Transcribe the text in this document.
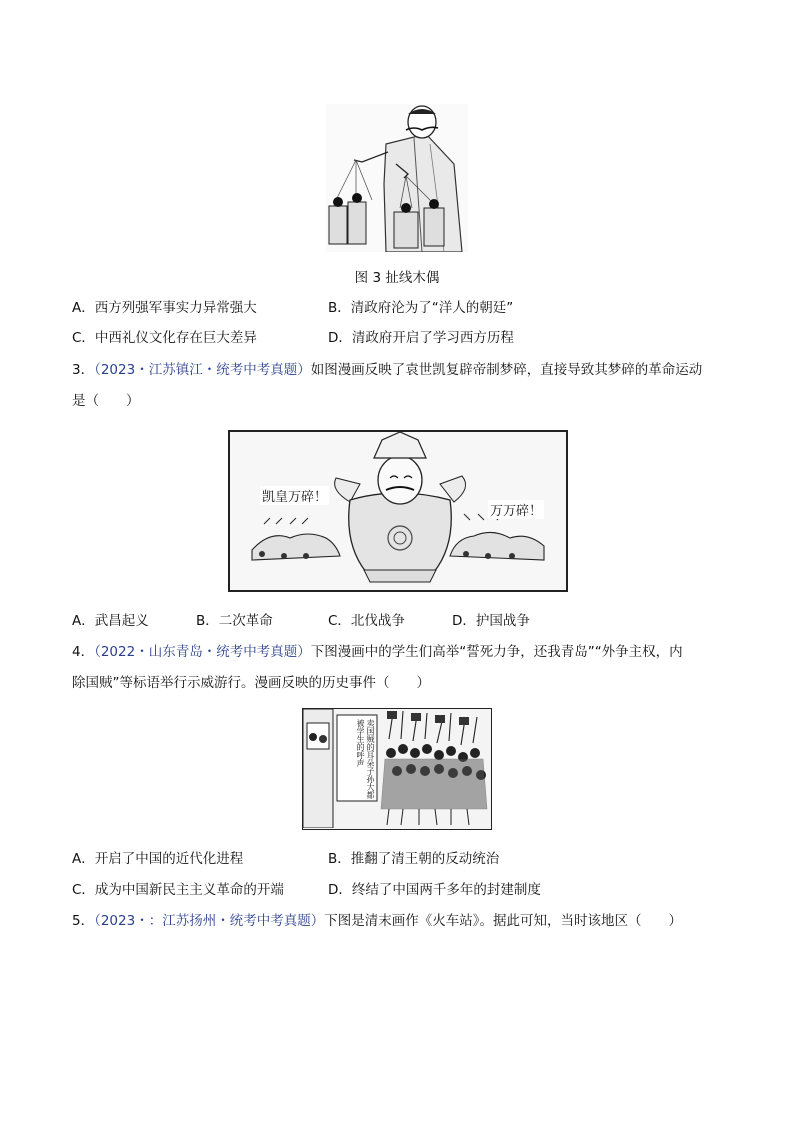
图 3 扯线木偶
A．西方列强军事实力异常强大	B．清政府沦为了“洋人的朝廷”
C．中西礼仪文化存在巨大差异	D．清政府开启了学习西方历程
3．（2023・江苏镇江・统考中考真题）如图漫画反映了袁世凯复辟帝制梦碎，直接导致其梦碎的革命运动
是（　　）
凯皇万碎！
万万碎！
A．武昌起义	B．二次革命	C．北伐战争	D．护国战争
4．（2022・山东青岛・统考中考真题）下图漫画中的学生们高举“誓死力争，还我青岛”“外争主权，内
除国贼”等标语举行示威游行。漫画反映的历史事件（　　）
卖国贼的耳朵子孙大都被学生的呼声
A．开启了中国的近代化进程	B．推翻了清王朝的反动统治
C．成为中国新民主主义革命的开端	D．终结了中国两千多年的封建制度
5．（2023・：江苏扬州・统考中考真题）下图是清末画作《火车站》。据此可知，当时该地区（　　）
